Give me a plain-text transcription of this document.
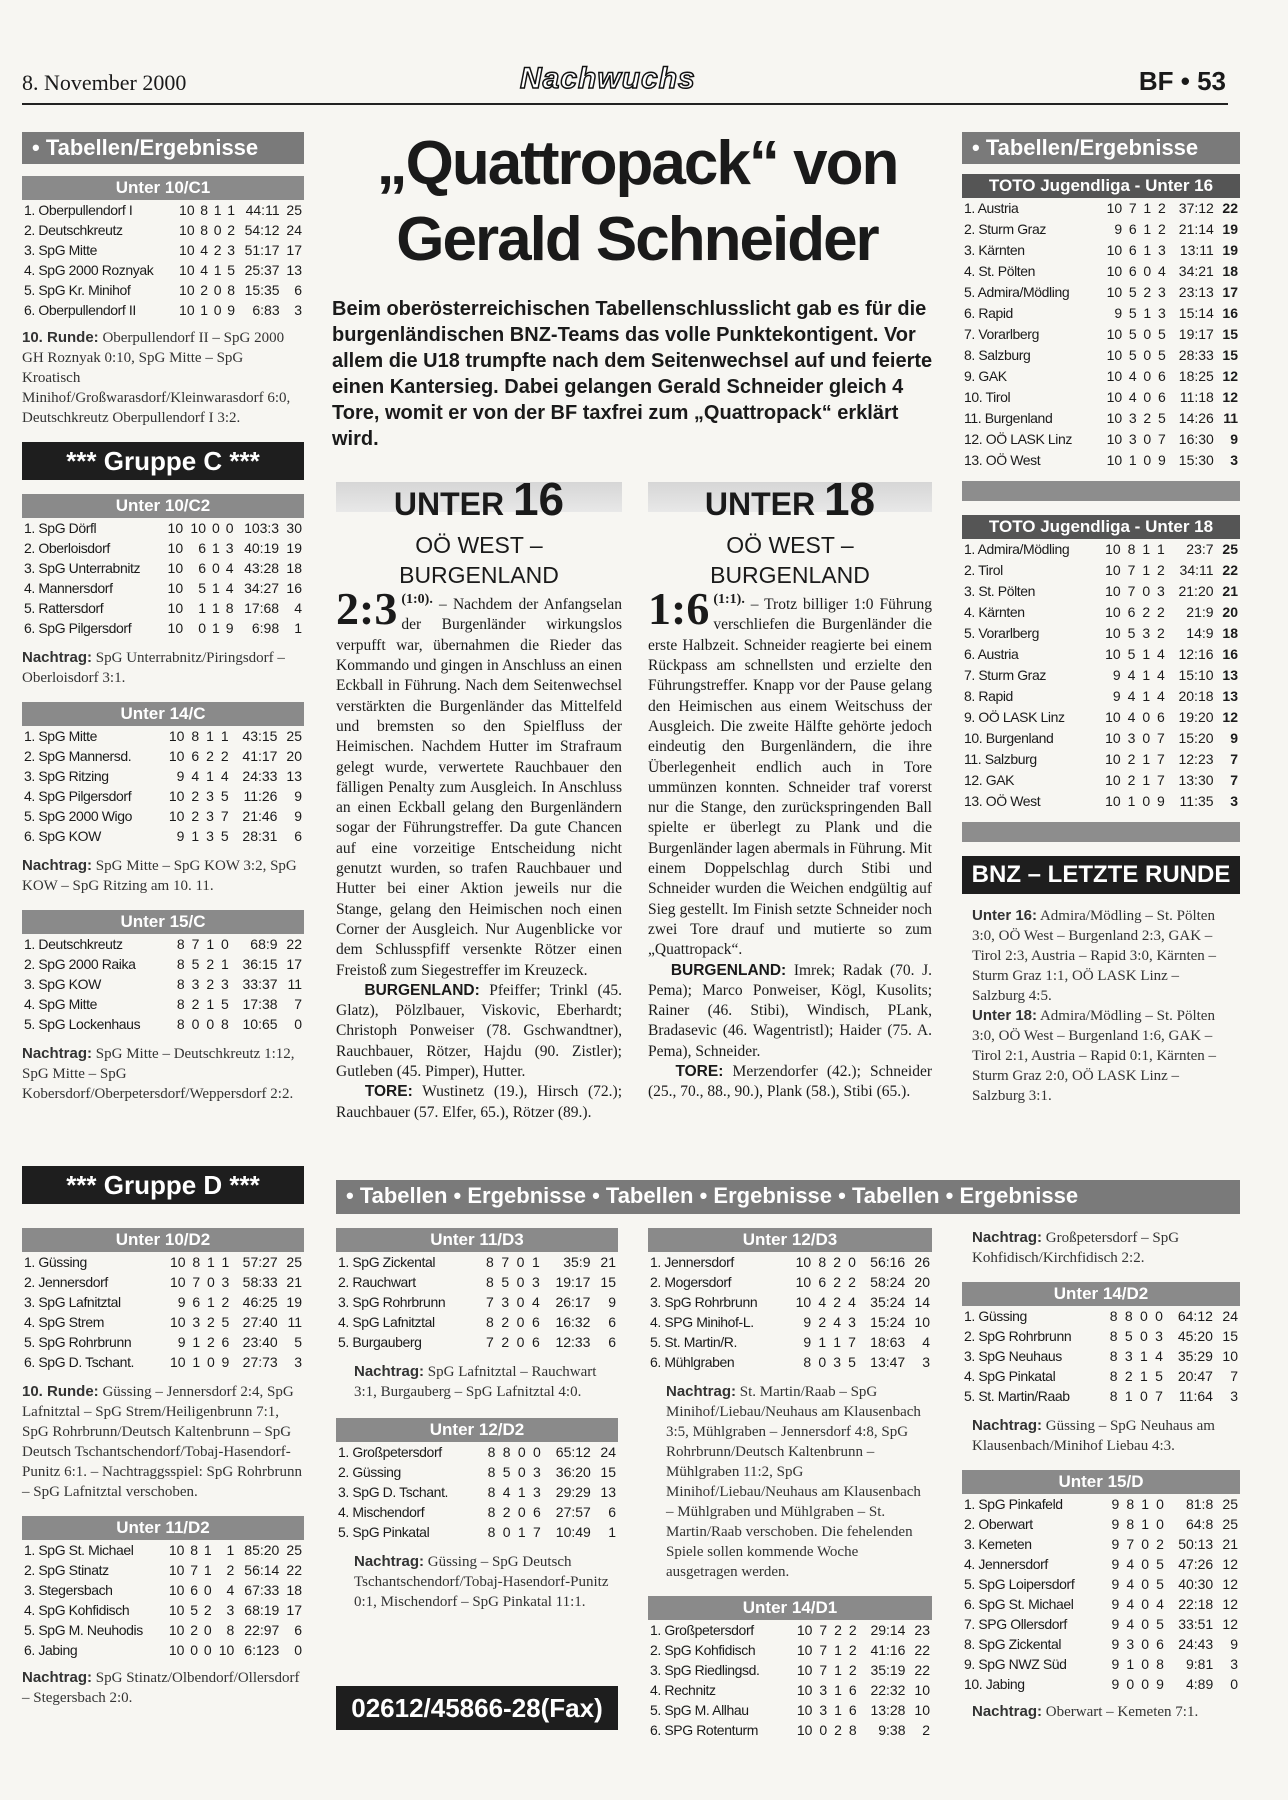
8. November 2000	Nachwuchs	BF • 53
• Tabellen/Ergebnisse
Unter 10/C1
1. Oberpullendorf I	10	8	1	1	44:11	25
2. Deutschkreutz	10	8	0	2	54:12	24
3. SpG Mitte	10	4	2	3	51:17	17
4. SpG 2000 Roznyak	10	4	1	5	25:37	13
5. SpG Kr. Minihof	10	2	0	8	15:35	6
6. Oberpullendorf II	10	1	0	9	6:83	3
10. Runde: Oberpullendorf II – SpG 2000 GH Roznyak 0:10, SpG Mitte – SpG Kroatisch Minihof/Großwarasdorf/Kleinwarasdorf 6:0, Deutschkreutz Oberpullendorf I 3:2.
*** Gruppe C ***
Unter 10/C2
1. SpG Dörfl	10	10	0	0	103:3	30
2. Oberloisdorf	10	6	1	3	40:19	19
3. SpG Unterrabnitz	10	6	0	4	43:28	18
4. Mannersdorf	10	5	1	4	34:27	16
5. Rattersdorf	10	1	1	8	17:68	4
6. SpG Pilgersdorf	10	0	1	9	6:98	1
Nachtrag: SpG Unterrabnitz/Piringsdorf – Oberloisdorf 3:1.
Unter 14/C
1. SpG Mitte	10	8	1	1	43:15	25
2. SpG Mannersd.	10	6	2	2	41:17	20
3. SpG Ritzing	9	4	1	4	24:33	13
4. SpG Pilgersdorf	10	2	3	5	11:26	9
5. SpG 2000 Wigo	10	2	3	7	21:46	9
6. SpG KOW	9	1	3	5	28:31	6
Nachtrag: SpG Mitte – SpG KOW 3:2, SpG KOW – SpG Ritzing am 10. 11.
Unter 15/C
1. Deutschkreutz	8	7	1	0	68:9	22
2. SpG 2000 Raika	8	5	2	1	36:15	17
3. SpG KOW	8	3	2	3	33:37	11
4. SpG Mitte	8	2	1	5	17:38	7
5. SpG Lockenhaus	8	0	0	8	10:65	0
Nachtrag: SpG Mitte – Deutschkreutz 1:12, SpG Mitte – SpG Kobersdorf/Oberpetersdorf/Weppersdorf 2:2.
*** Gruppe D ***
Unter 10/D2
1. Güssing	10	8	1	1	57:27	25
2. Jennersdorf	10	7	0	3	58:33	21
3. SpG Lafnitztal	9	6	1	2	46:25	19
4. SpG Strem	10	3	2	5	27:40	11
5. SpG Rohrbrunn	9	1	2	6	23:40	5
6. SpG D. Tschant.	10	1	0	9	27:73	3
10. Runde: Güssing – Jennersdorf 2:4, SpG Lafnitztal – SpG Strem/Heiligenbrunn 7:1, SpG Rohrbrunn/Deutsch Kaltenbrunn – SpG Deutsch Tschantschendorf/Tobaj-Hasendorf-Punitz 6:1. – Nachtraggsspiel: SpG Rohrbrunn – SpG Lafnitztal verschoben.
Unter 11/D2
1. SpG St. Michael	10	8	1	1	85:20	25
2. SpG Stinatz	10	7	1	2	56:14	22
3. Stegersbach	10	6	0	4	67:33	18
4. SpG Kohfidisch	10	5	2	3	68:19	17
5. SpG M. Neuhodis	10	2	0	8	22:97	6
6. Jabing	10	0	0	10	6:123	0
Nachtrag: SpG Stinatz/Olbendorf/Ollersdorf – Stegersbach 2:0.
„Quattropack“ von Gerald Schneider
Beim oberösterreichischen Tabellenschlusslicht gab es für die burgenländischen BNZ-Teams das volle Punktekontigent. Vor allem die U18 trumpfte nach dem Seitenwechsel auf und feierte einen Kantersieg. Dabei gelangen Gerald Schneider gleich 4 Tore, womit er von der BF taxfrei zum „Quattropack“ erklärt wird.
UNTER 16
OÖ WEST –
BURGENLAND
2:3 $^{(1:0).}$ – Nachdem der Anfangselan der Burgenländer wirkungslos verpufft war, übernahmen die Rieder das Kommando und gingen in Anschluss an einen Eckball in Führung. Nach dem Seitenwechsel verstärkten die Burgenländer das Mittelfeld und bremsten so den Spielfluss der Heimischen. Nachdem Hutter im Strafraum gelegt wurde, verwertete Rauchbauer den fälligen Penalty zum Ausgleich. In Anschluss an einen Eckball gelang den Burgenländern sogar der Führungstreffer. Da gute Chancen auf eine vorzeitige Entscheidung nicht genutzt wurden, so trafen Rauchbauer und Hutter bei einer Aktion jeweils nur die Stange, gelang den Heimischen noch einen Corner der Ausgleich. Nur Augenblicke vor dem Schlusspfiff versenkte Rötzer einen Freistoß zum Siegestreffer im Kreuzeck.
BURGENLAND: Pfeiffer; Trinkl (45. Glatz), Pölzlbauer, Viskovic, Eberhardt; Christoph Ponweiser (78. Gschwandtner), Rauchbauer, Rötzer, Hajdu (90. Zistler); Gutleben (45. Pimper), Hutter.
TORE: Wustinetz (19.), Hirsch (72.); Rauchbauer (57. Elfer, 65.), Rötzer (89.).
UNTER 18
OÖ WEST –
BURGENLAND
1:6 $^{(1:1).}$ – Trotz billiger 1:0 Führung verschliefen die Burgenländer die erste Halbzeit. Schneider reagierte bei einem Rückpass am schnellsten und erzielte den Führungstreffer. Knapp vor der Pause gelang den Heimischen aus einem Weitschuss der Ausgleich. Die zweite Hälfte gehörte jedoch eindeutig den Burgenländern, die ihre Überlegenheit endlich auch in Tore ummünzen konnten. Schneider traf vorerst nur die Stange, den zurückspringenden Ball spielte er überlegt zu Plank und die Burgenländer lagen abermals in Führung. Mit einem Doppelschlag durch Stibi und Schneider wurden die Weichen endgültig auf Sieg gestellt. Im Finish setzte Schneider noch zwei Tore drauf und mutierte so zum „Quattropack“.
BURGENLAND: Imrek; Radak (70. J. Pema); Marco Ponweiser, Kögl, Kusolits; Rainer (46. Stibi), Windisch, PLank, Bradasevic (46. Wagentristl); Haider (75. A. Pema), Schneider.
TORE: Merzendorfer (42.); Schneider (25., 70., 88., 90.), Plank (58.), Stibi (65.).
• Tabellen/Ergebnisse
TOTO Jugendliga - Unter 16
1. Austria	10	7	1	2	37:12	22
2. Sturm Graz	9	6	1	2	21:14	19
3. Kärnten	10	6	1	3	13:11	19
4. St. Pölten	10	6	0	4	34:21	18
5. Admira/Mödling	10	5	2	3	23:13	17
6. Rapid	9	5	1	3	15:14	16
7. Vorarlberg	10	5	0	5	19:17	15
8. Salzburg	10	5	0	5	28:33	15
9. GAK	10	4	0	6	18:25	12
10. Tirol	10	4	0	6	11:18	12
11. Burgenland	10	3	2	5	14:26	11
12. OÖ LASK Linz	10	3	0	7	16:30	9
13. OÖ West	10	1	0	9	15:30	3
TOTO Jugendliga - Unter 18
1. Admira/Mödling	10	8	1	1	23:7	25
2. Tirol	10	7	1	2	34:11	22
3. St. Pölten	10	7	0	3	21:20	21
4. Kärnten	10	6	2	2	21:9	20
5. Vorarlberg	10	5	3	2	14:9	18
6. Austria	10	5	1	4	12:16	16
7. Sturm Graz	9	4	1	4	15:10	13
8. Rapid	9	4	1	4	20:18	13
9. OÖ LASK Linz	10	4	0	6	19:20	12
10. Burgenland	10	3	0	7	15:20	9
11. Salzburg	10	2	1	7	12:23	7
12. GAK	10	2	1	7	13:30	7
13. OÖ West	10	1	0	9	11:35	3
BNZ – LETZTE RUNDE
Unter 16: Admira/Mödling – St. Pölten 3:0, OÖ West – Burgenland 2:3, GAK – Tirol 2:3, Austria – Rapid 3:0, Kärnten – Sturm Graz 1:1, OÖ LASK Linz – Salzburg 4:5.
Unter 18: Admira/Mödling – St. Pölten 3:0, OÖ West – Burgenland 1:6, GAK – Tirol 2:1, Austria – Rapid 0:1, Kärnten – Sturm Graz 2:0, OÖ LASK Linz – Salzburg 3:1.
• Tabellen • Ergebnisse • Tabellen • Ergebnisse • Tabellen • Ergebnisse
Unter 11/D3
1. SpG Zickental	8	7	0	1	35:9	21
2. Rauchwart	8	5	0	3	19:17	15
3. SpG Rohrbrunn	7	3	0	4	26:17	9
4. SpG Lafnitztal	8	2	0	6	16:32	6
5. Burgauberg	7	2	0	6	12:33	6
Nachtrag: SpG Lafnitztal – Rauchwart 3:1, Burgauberg – SpG Lafnitztal 4:0.
Unter 12/D2
1. Großpetersdorf	8	8	0	0	65:12	24
2. Güssing	8	5	0	3	36:20	15
3. SpG D. Tschant.	8	4	1	3	29:29	13
4. Mischendorf	8	2	0	6	27:57	6
5. SpG Pinkatal	8	0	1	7	10:49	1
Nachtrag: Güssing – SpG Deutsch Tschantschendorf/Tobaj-Hasendorf-Punitz 0:1, Mischendorf – SpG Pinkatal 11:1.
02612/45866-28(Fax)
Unter 12/D3
1. Jennersdorf	10	8	2	0	56:16	26
2. Mogersdorf	10	6	2	2	58:24	20
3. SpG Rohrbrunn	10	4	2	4	35:24	14
4. SPG Minihof-L.	9	2	4	3	15:24	10
5. St. Martin/R.	9	1	1	7	18:63	4
6. Mühlgraben	8	0	3	5	13:47	3
Nachtrag: St. Martin/Raab – SpG Minihof/Liebau/Neuhaus am Klausenbach 3:5, Mühlgraben – Jennersdorf 4:8, SpG Rohrbrunn/Deutsch Kaltenbrunn – Mühlgraben 11:2, SpG Minihof/Liebau/Neuhaus am Klausenbach – Mühlgraben und Mühlgraben – St. Martin/Raab verschoben. Die fehelenden Spiele sollen kommende Woche ausgetragen werden.
Unter 14/D1
1. Großpetersdorf	10	7	2	2	29:14	23
2. SpG Kohfidisch	10	7	1	2	41:16	22
3. SpG Riedlingsd.	10	7	1	2	35:19	22
4. Rechnitz	10	3	1	6	22:32	10
5. SpG M. Allhau	10	3	1	6	13:28	10
6. SPG Rotenturm	10	0	2	8	9:38	2
Nachtrag: Großpetersdorf – SpG Kohfidisch/Kirchfidisch 2:2.
Unter 14/D2
1. Güssing	8	8	0	0	64:12	24
2. SpG Rohrbrunn	8	5	0	3	45:20	15
3. SpG Neuhaus	8	3	1	4	35:29	10
4. SpG Pinkatal	8	2	1	5	20:47	7
5. St. Martin/Raab	8	1	0	7	11:64	3
Nachtrag: Güssing – SpG Neuhaus am Klausenbach/Minihof Liebau 4:3.
Unter 15/D
1. SpG Pinkafeld	9	8	1	0	81:8	25
2. Oberwart	9	8	1	0	64:8	25
3. Kemeten	9	7	0	2	50:13	21
4. Jennersdorf	9	4	0	5	47:26	12
5. SpG Loipersdorf	9	4	0	5	40:30	12
6. SpG St. Michael	9	4	0	4	22:18	12
7. SPG Ollersdorf	9	4	0	5	33:51	12
8. SpG Zickental	9	3	0	6	24:43	9
9. SpG NWZ Süd	9	1	0	8	9:81	3
10. Jabing	9	0	0	9	4:89	0
Nachtrag: Oberwart – Kemeten 7:1.
